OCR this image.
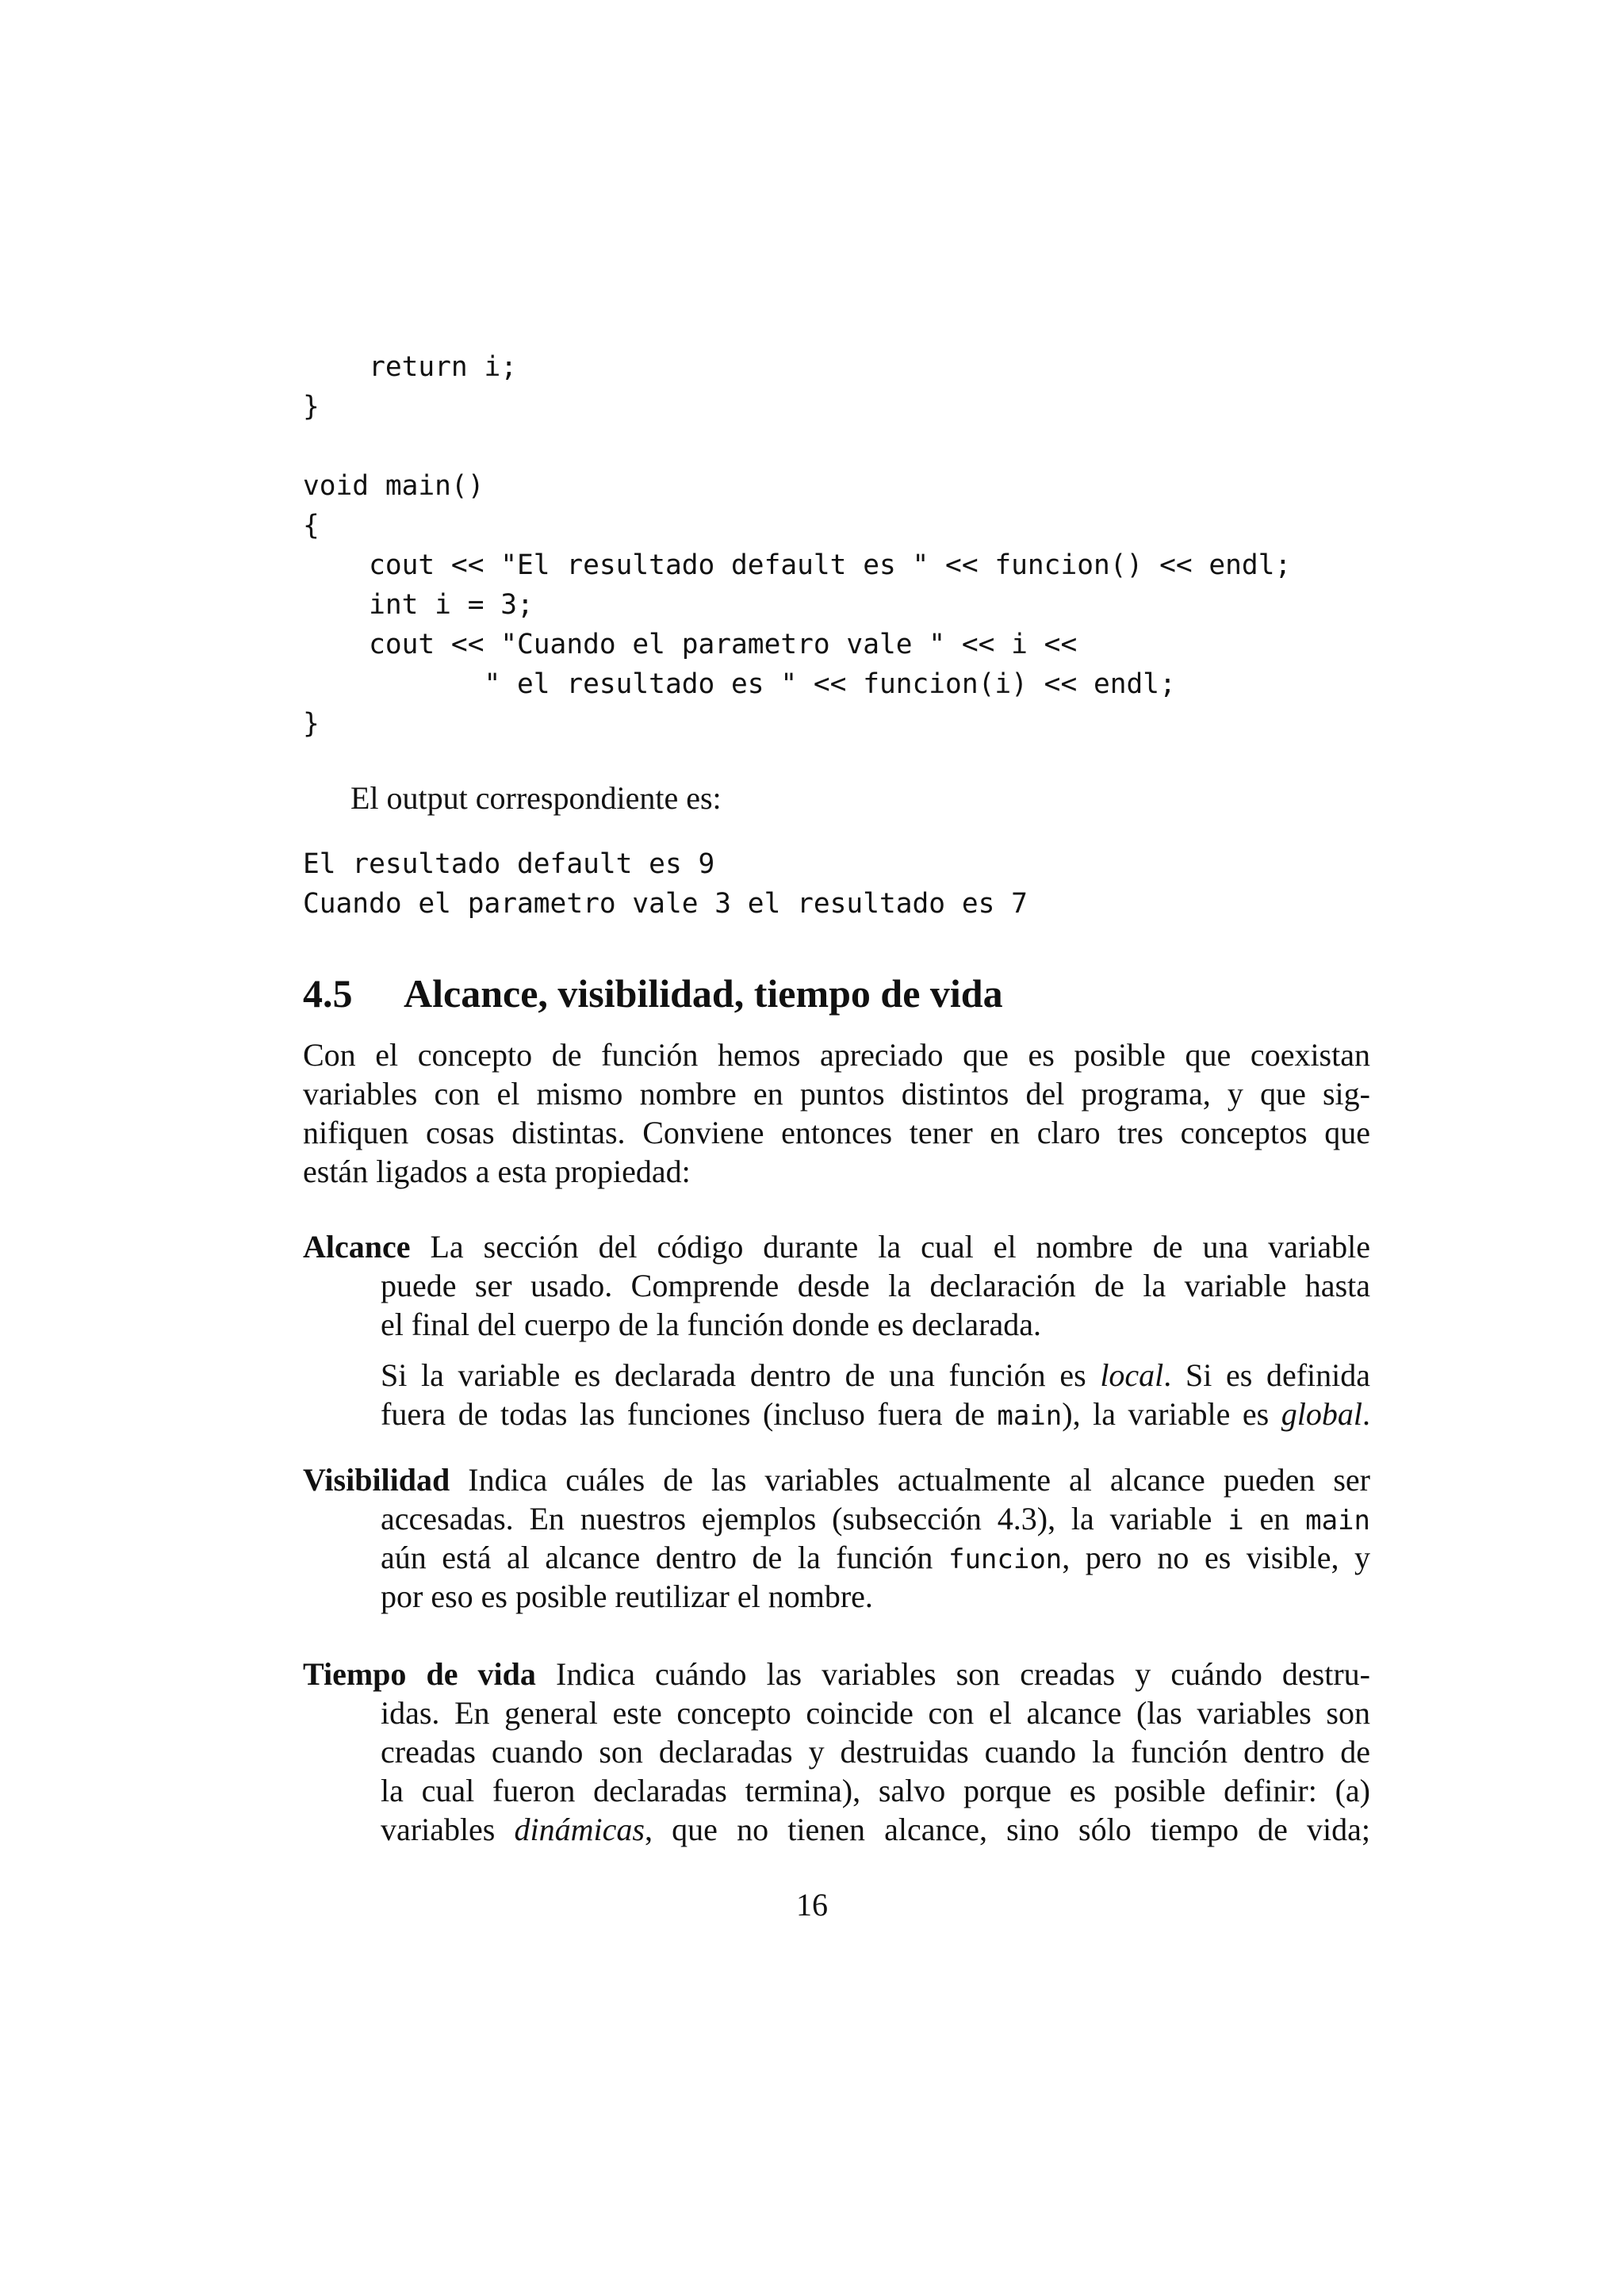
return i;
}
void main()
{
cout << "El resultado default es " << funcion() << endl;
int i = 3;
cout << "Cuando el parametro vale " << i <<
" el resultado es " << funcion(i) << endl;
}

El output correspondiente es:

El resultado default es 9
Cuando el parametro vale 3 el resultado es 7
4.5 Alcance, visibilidad, tiempo de vida
Con el concepto de función hemos apreciado que es posible que coexistan
variables con el mismo nombre en puntos distintos del programa, y que sig-
nifiquen cosas distintas. Conviene entonces tener en claro tres conceptos que
están ligados a esta propiedad:
Alcance La sección del código durante la cual el nombre de una variable
puede ser usado. Comprende desde la declaración de la variable hasta
el final del cuerpo de la función donde es declarada.
Si la variable es declarada dentro de una función es local. Si es definida
fuera de todas las funciones (incluso fuera de main), la variable es global.
Visibilidad Indica cuáles de las variables actualmente al alcance pueden ser
accesadas. En nuestros ejemplos (subsección 4.3), la variable i en main
aún está al alcance dentro de la función funcion, pero no es visible, y
por eso es posible reutilizar el nombre.
Tiempo de vida Indica cuándo las variables son creadas y cuándo destru-
idas. En general este concepto coincide con el alcance (las variables son
creadas cuando son declaradas y destruidas cuando la función dentro de
la cual fueron declaradas termina), salvo porque es posible definir: (a)
variables dinámicas, que no tienen alcance, sino sólo tiempo de vida;

16
